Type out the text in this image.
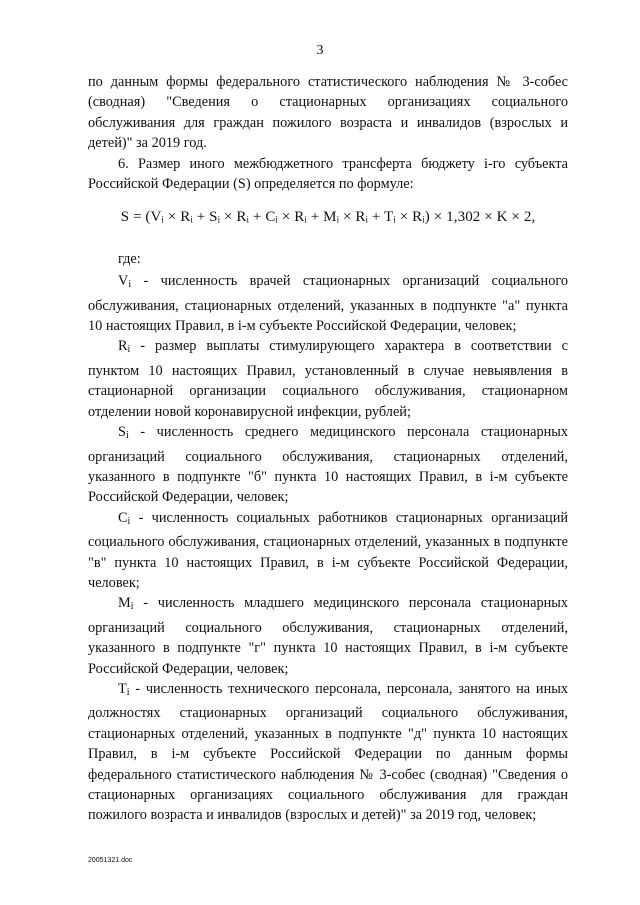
3

по данным формы федерального статистического наблюдения № 3-собес (сводная) "Сведения о стационарных организациях социального обслуживания для граждан пожилого возраста и инвалидов (взрослых и детей)" за 2019 год.

6. Размер иного межбюджетного трансферта бюджету i-го субъекта Российской Федерации (S) определяется по формуле:

S = (Vᵢ × Rᵢ + Sᵢ × Rᵢ + Cᵢ × Rᵢ + Mᵢ × Rᵢ + Tᵢ × Rᵢ) × 1,302 × K × 2,

где:

$V_i$ - численность врачей стационарных организаций социального обслуживания, стационарных отделений, указанных в подпункте "а" пункта 10 настоящих Правил, в i-м субъекте Российской Федерации, человек;

$R_i$ - размер выплаты стимулирующего характера в соответствии с пунктом 10 настоящих Правил, установленный в случае невыявления в стационарной организации социального обслуживания, стационарном отделении новой коронавирусной инфекции, рублей;

$S_i$ - численность среднего медицинского персонала стационарных организаций социального обслуживания, стационарных отделений, указанного в подпункте "б" пункта 10 настоящих Правил, в i-м субъекте Российской Федерации, человек;

$C_i$ - численность социальных работников стационарных организаций социального обслуживания, стационарных отделений, указанных в подпункте "в" пункта 10 настоящих Правил, в i-м субъекте Российской Федерации, человек;

$M_i$ - численность младшего медицинского персонала стационарных организаций социального обслуживания, стационарных отделений, указанного в подпункте "г" пункта 10 настоящих Правил, в i-м субъекте Российской Федерации, человек;

$T_i$ - численность технического персонала, персонала, занятого на иных должностях стационарных организаций социального обслуживания, стационарных отделений, указанных в подпункте "д" пункта 10 настоящих Правил, в i-м субъекте Российской Федерации по данным формы федерального статистического наблюдения № 3-собес (сводная) "Сведения о стационарных организациях социального обслуживания для граждан пожилого возраста и инвалидов (взрослых и детей)" за 2019 год, человек;

20051321.doc
